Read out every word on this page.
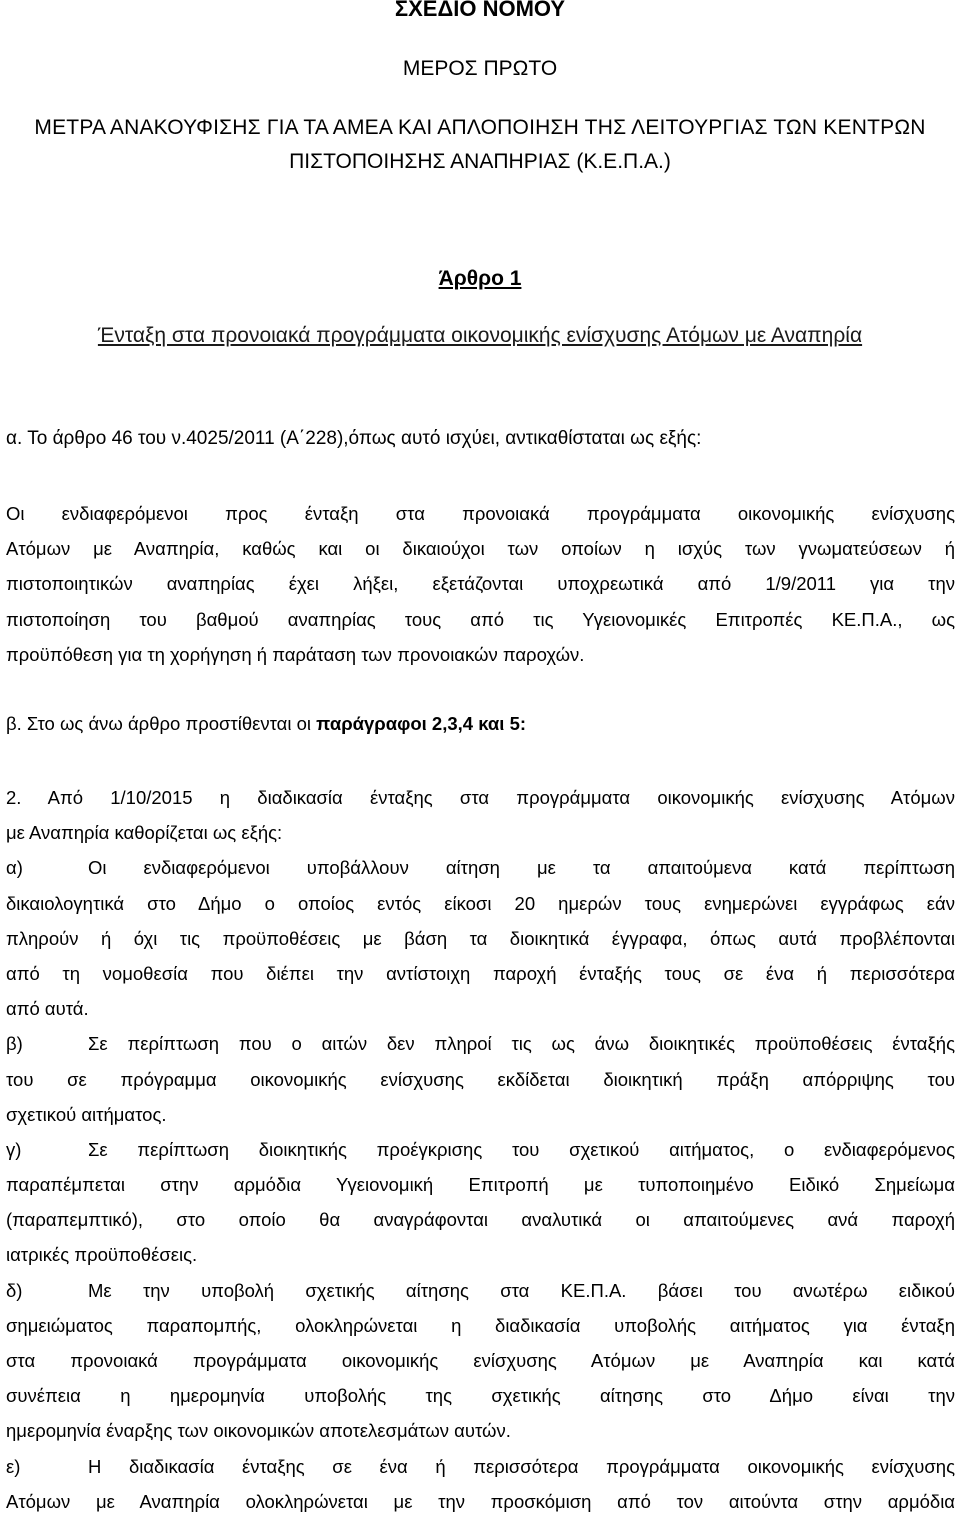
ΣΧΕΔΙΟ ΝΟΜΟΥ
ΜΕΡΟΣ ΠΡΩΤΟ
ΜΕΤΡΑ ΑΝΑΚΟΥΦΙΣΗΣ ΓΙΑ ΤΑ ΑΜΕΑ ΚΑΙ ΑΠΛΟΠΟΙΗΣΗ ΤΗΣ ΛΕΙΤΟΥΡΓΙΑΣ ΤΩΝ ΚΕΝΤΡΩΝ
ΠΙΣΤΟΠΟΙΗΣΗΣ ΑΝΑΠΗΡΙΑΣ (Κ.Ε.Π.Α.)
Άρθρο 1
Ένταξη στα προνοιακά προγράμματα οικονομικής ενίσχυσης Ατόμων με Αναπηρία
α. Το άρθρο 46 του ν.4025/2011 (Α΄228),όπως αυτό ισχύει, αντικαθίσταται ως εξής:
Οι ενδιαφερόμενοι προς ένταξη στα προνοιακά προγράμματα οικονομικής ενίσχυσης
Ατόμων με Αναπηρία, καθώς και οι δικαιούχοι των οποίων η ισχύς των γνωματεύσεων ή
πιστοποιητικών αναπηρίας έχει λήξει, εξετάζονται υποχρεωτικά από 1/9/2011 για την
πιστοποίηση του βαθμού αναπηρίας τους από τις Υγειονομικές Επιτροπές ΚΕ.Π.Α., ως
προϋπόθεση για τη χορήγηση ή παράταση των προνοιακών παροχών.
β. Στο ως άνω άρθρο προστίθενται οι παράγραφοι 2,3,4 και 5:
2. Από 1/10/2015 η διαδικασία ένταξης στα προγράμματα οικονομικής ενίσχυσης Ατόμων
με Αναπηρία καθορίζεται ως εξής:
α)	Οι ενδιαφερόμενοι υποβάλλουν αίτηση με τα απαιτούμενα κατά περίπτωση
δικαιολογητικά στο Δήμο ο οποίος εντός είκοσι 20 ημερών τους ενημερώνει εγγράφως εάν
πληρούν ή όχι τις προϋποθέσεις με βάση τα διοικητικά έγγραφα, όπως αυτά προβλέπονται
από τη νομοθεσία που διέπει την αντίστοιχη παροχή ένταξής τους σε ένα ή περισσότερα
από αυτά.
β)	Σε περίπτωση που ο αιτών δεν πληροί τις ως άνω διοικητικές προϋποθέσεις ένταξής
του σε πρόγραμμα οικονομικής ενίσχυσης εκδίδεται διοικητική πράξη απόρριψης του
σχετικού αιτήματος.
γ)	Σε περίπτωση διοικητικής προέγκρισης του σχετικού αιτήματος, ο ενδιαφερόμενος
παραπέμπεται στην αρμόδια Υγειονομική Επιτροπή με τυποποιημένο Ειδικό Σημείωμα
(παραπεμπτικό), στο οποίο θα αναγράφονται αναλυτικά οι απαιτούμενες ανά παροχή
ιατρικές προϋποθέσεις.
δ)	Με την υποβολή σχετικής αίτησης στα ΚΕ.Π.Α. βάσει του ανωτέρω ειδικού
σημειώματος παραπομπής, ολοκληρώνεται η διαδικασία υποβολής αιτήματος για ένταξη
στα προνοιακά προγράμματα οικονομικής ενίσχυσης Ατόμων με Αναπηρία και κατά
συνέπεια η ημερομηνία υποβολής της σχετικής αίτησης στο Δήμο είναι την
ημερομηνία έναρξης των οικονομικών αποτελεσμάτων αυτών.
ε)	Η διαδικασία ένταξης σε ένα ή περισσότερα προγράμματα οικονομικής ενίσχυσης
Ατόμων με Αναπηρία ολοκληρώνεται με την προσκόμιση από τον αιτούντα στην αρμόδια
